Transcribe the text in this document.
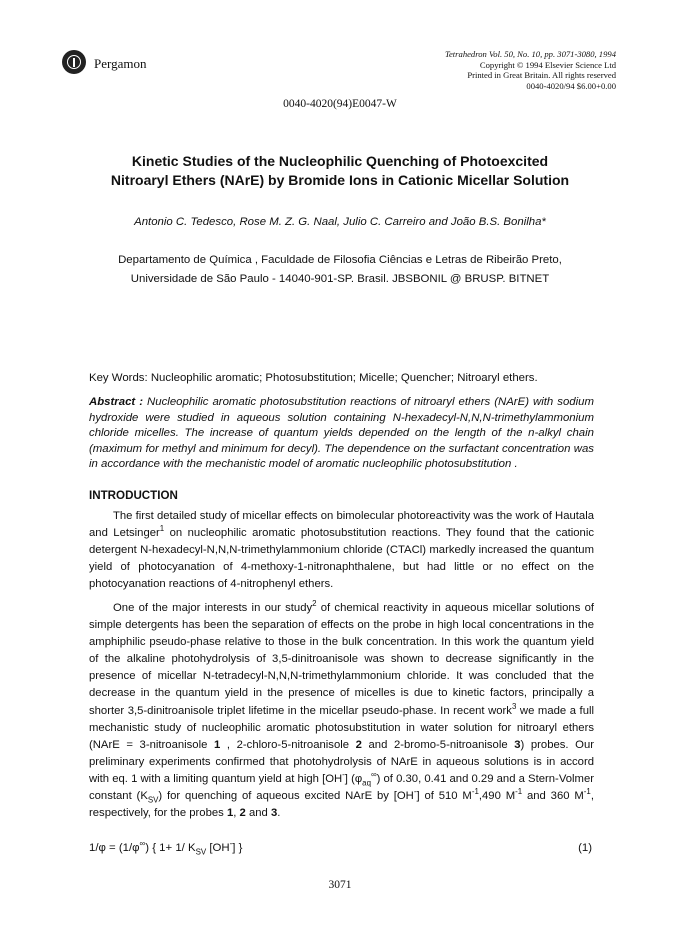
Pergamon
Tetrahedron Vol. 50, No. 10, pp. 3071-3080, 1994
Copyright © 1994 Elsevier Science Ltd
Printed in Great Britain. All rights reserved
0040-4020/94 $6.00+0.00
0040-4020(94)E0047-W
Kinetic Studies of the Nucleophilic Quenching of Photoexcited
Nitroaryl Ethers (NArE) by Bromide Ions in Cationic Micellar Solution
Antonio C. Tedesco, Rose M. Z. G. Naal, Julio C. Carreiro and João B.S. Bonilha*
Departamento de Química , Faculdade de Filosofia Ciências e Letras de Ribeirão Preto,
Universidade de São Paulo - 14040-901-SP. Brasil. JBSBONIL @ BRUSP. BITNET
Key Words: Nucleophilic aromatic; Photosubstitution; Micelle; Quencher; Nitroaryl ethers.
Abstract : Nucleophilic aromatic photosubstitution reactions of nitroaryl ethers (NArE) with sodium hydroxide were studied in aqueous solution containing N-hexadecyl-N,N,N-trimethylammonium chloride micelles. The increase of quantum yields depended on the length of the n-alkyl chain (maximum for methyl and minimum for decyl). The dependence on the surfactant concentration was in accordance with the mechanistic model of aromatic nucleophilic photosubstitution .
INTRODUCTION
The first detailed study of micellar effects on bimolecular photoreactivity was the work of Hautala and Letsinger$^1$ on nucleophilic aromatic photosubstitution reactions. They found that the cationic detergent N-hexadecyl-N,N,N-trimethylammonium chloride (CTACl) markedly increased the quantum yield of photocyanation of 4-methoxy-1-nitronaphthalene, but had little or no effect on the photocyanation reactions of 4-nitrophenyl ethers.
One of the major interests in our study$^2$ of chemical reactivity in aqueous micellar solutions of simple detergents has been the separation of effects on the probe in high local concentrations in the amphiphilic pseudo-phase relative to those in the bulk concentration. In this work the quantum yield of the alkaline photohydrolysis of 3,5-dinitroanisole was shown to decrease significantly in the presence of micellar N-tetradecyl-N,N,N-trimethylammonium chloride. It was concluded that the decrease in the quantum yield in the presence of micelles is due to kinetic factors, principally a shorter 3,5-dinitroanisole triplet lifetime in the micellar pseudo-phase. In recent work$^3$ we made a full mechanistic study of nucleophilic aromatic photosubstitution in water solution for nitroaryl ethers (NArE = 3-nitroanisole 1 , 2-chloro-5-nitroanisole 2 and 2-bromo-5-nitroanisole 3) probes. Our preliminary experiments confirmed that photohydrolysis of NArE in aqueous solutions is in accord with eq. 1 with a limiting quantum yield at high [OH-] $(\varphi_{aq}^\infty)$ of 0.30, 0.41 and 0.29 and a Stern-Volmer constant $(K_{SV})$ for quenching of aqueous excited NArE by [OH-] of 510 $M^{-1},490$ $M^{-1}$ and 360 $M^{-1}$, respectively, for the probes 1, 2 and 3.
1/φ = (1/φ∞) { 1+ 1/ $K_{SV}$ [OH-] }	(1)
3071
